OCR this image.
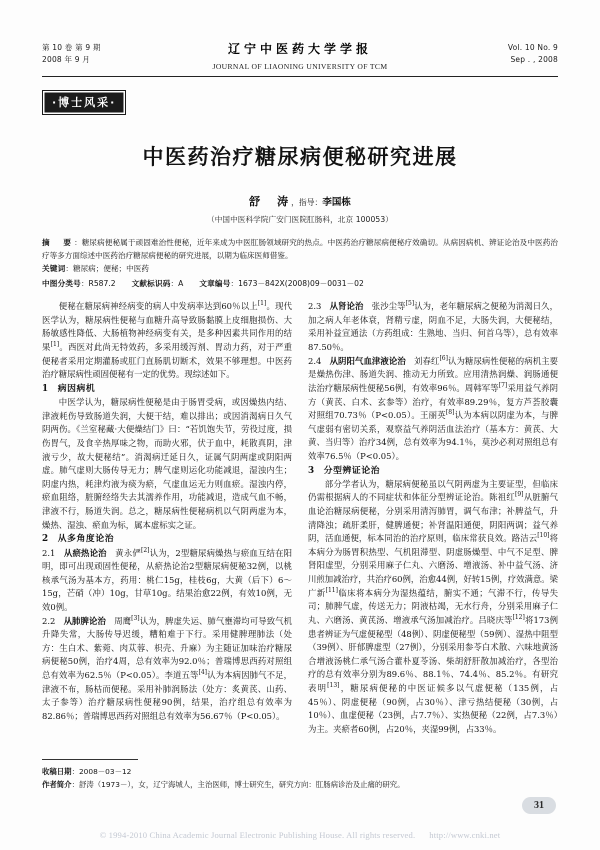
第 10 卷 第 9 期
2008 年 9 月
辽宁中医药大学学报
JOURNAL OF LIAONING UNIVERSITY OF TCM
Vol. 10 No. 9
Sep . , 2008
·博士风采·
中医药治疗糖尿病便秘研究进展
舒　涛，指导：李国栋
（中国中医科学院广安门医院肛肠科，北京 100053）
摘　要：糖尿病便秘属于顽固难治性便秘，近年来成为中医肛肠领域研究的热点。中医药治疗糖尿病便秘疗效确切。从病因病机、辨证论治及中医药治疗等多方面综述中医药治疗糖尿病便秘的研究进展，以期为临床医师借鉴。
关键词：糖尿病；便秘；中医药
中图分类号：R587.2 文献标识码：A 文章编号：1673－842X(2008)09－0031－02

便秘在糖尿病神经病变的病人中发病率达到60％以上[1]。现代医学认为，糖尿病性便秘与血糖升高导致肠黏膜上皮细胞损伤、大肠敏感性降低、大肠植物神经病变有关，是多种因素共同作用的结果[1]。西医对此尚无特效药，多采用缓泻剂、胃动力药，对于严重便秘者采用定期灌肠或肛门直肠肌切断术，效果不够理想。中医药治疗糖尿病性顽固便秘有一定的优势。现综述如下。

1 病因病机

中医学认为，糖尿病性便秘是由于肠胃受病，或因燥热内结、津液耗伤导致肠道失润，大便干结，难以排出；或因消渴病日久气阴两伤。《兰室秘藏·大便燥结门》曰：“若饥饱失节，劳役过度，损伤胃气，及食辛热厚味之物，而助火邪，伏于血中，耗散真阴，津液亏少，故大便秘结”。消渴病迁延日久，证属气阴两虚或阴阳两虚。肺气虚则大肠传导无力；脾气虚则运化功能减退，湿浊内生；阴虚内热，耗津灼液为痰为瘀，气虚血运无力则血瘀。湿浊内停，瘀血阻络，脏腑经络失去其濡养作用，功能减退，造成气血不畅，津液不行，肠道失润。总之，糖尿病性便秘病机以气阴两虚为本，燥热、湿浊、瘀血为标，属本虚标实之证。

2 从多角度论治

2.1 从瘀热论治 黄永俨[2]认为，2型糖尿病燥热与瘀血互结在阳明，即可出现顽固性便秘，从瘀热论治2型糖尿病便秘32例，以桃核承气汤为基本方，药用：桃仁15g，桂枝6g，大黄（后下）6～15g，芒硝（冲）10g，甘草10g。结果治愈22例，有效10例，无效0例。

2.2 从肺脾论治 周鹰[3]认为，脾虚失运、肺气壅滞均可导致气机升降失常，大肠传导迟缓，糟粕难于下行。采用健脾理肺法（处方：生白术、紫菀、肉苁蓉、枳壳、升麻）为主随证加味治疗糖尿病便秘50例，治疗4周，总有效率为92.0％；普瑞博思西药对照组总有效率为62.5％（P<0.05）。李道五等[4]认为本病因肺气不足，津液不布，肠枯而便秘。采用补肺润肠法（处方：炙黄芪、山药、太子参等）治疗糖尿病性便秘90例，结果，治疗组总有效率为82.86％；普瑞博思西药对照组总有效率为56.67％（P<0.05）。

2.3 从肾论治 张沙尘等[5]认为，老年糖尿病之便秘为消渴日久，加之病人年老体衰，肾精亏虚，阴血不足，大肠失润，大便秘结，采用补益宣通法（方药组成：生熟地、当归、何首乌等），总有效率87.50％。

2.4 从阴阳气血津液论治 刘春红[6]认为糖尿病性便秘的病机主要是燥热伤津、肠道失润、推动无力所致。应用清热润燥、润肠通便法治疗糖尿病性便秘56例，有效率96％。周韩军等[7]采用益气养阴方（黄芪、白术、玄参等）治疗，有效率89.29％，复方芦荟胶囊对照组70.73％（P<0.05）。王丽英[8]认为本病以阴虚为本，与脾气虚弱有密切关系，观察益气养阴活血法治疗（基本方：黄芪、大黄、当归等）治疗34例，总有效率为94.1％，莫沙必利对照组总有效率76.5％（P<0.05）。

3 分型辨证论治

部分学者认为，糖尿病便秘虽以气阴两虚为主要证型，但临床仍需根据病人的不同症状和体征分型辨证论治。陈祖红[9]从脏腑气血论治糖尿病便秘，分别采用清泻肺胃，调气布津；补脾益气，升清降浊；疏肝柔肝，健脾通便；补肾温阳通便，阴阳两调；益气养阴，活血通便，标本同治的治疗原则，临床常获良效。路洁云[10]将本病分为肠胃积热型、气机阻滞型、阴虚肠燥型、中气不足型、脾肾阳虚型，分别采用麻子仁丸、六磨汤、增液汤、补中益气汤、济川煎加减治疗，共治疗60例，治愈44例，好转15例，疗效满意。梁广新[11]临床将本病分为湿热蕴结，腑实不通；气滞不行，传导失司；肺脾气虚，传送无力；阴液枯竭，无水行舟，分别采用麻子仁丸、六磨汤、黄芪汤、增液承气汤加减治疗。吕晓庆等[12]将173例患者辨证为气虚便秘型（48例）、阴虚便秘型（59例）、湿热中阻型（39例）、肝郁脾虚型（27例），分别采用参苓白术散、六味地黄汤合增液汤桃仁承气汤合藿朴夏苓汤、柴胡舒肝散加减治疗，各型治疗的总有效率分别为89.6％、88.1％、74.4％、85.2％。有研究表明[13]，糖尿病便秘的中医证候多以气虚便秘（135例，占45％）、阴虚便秘（90例，占30％）、津亏热结便秘（30例，占10％）、血虚便秘（23例，占7.7％）、实热便秘（22例，占7.3％）为主。夹瘀者60例，占20％，夹湿99例，占33％。

收稿日期：2008－03－12
作者简介：舒涛（1973－），女，辽宁海城人，主治医师，博士研究生，研究方向：肛肠病诊治及止痛的研究。
31
© 1994-2010 China Academic Journal Electronic Publishing House. All rights reserved. http://www.cnki.net
